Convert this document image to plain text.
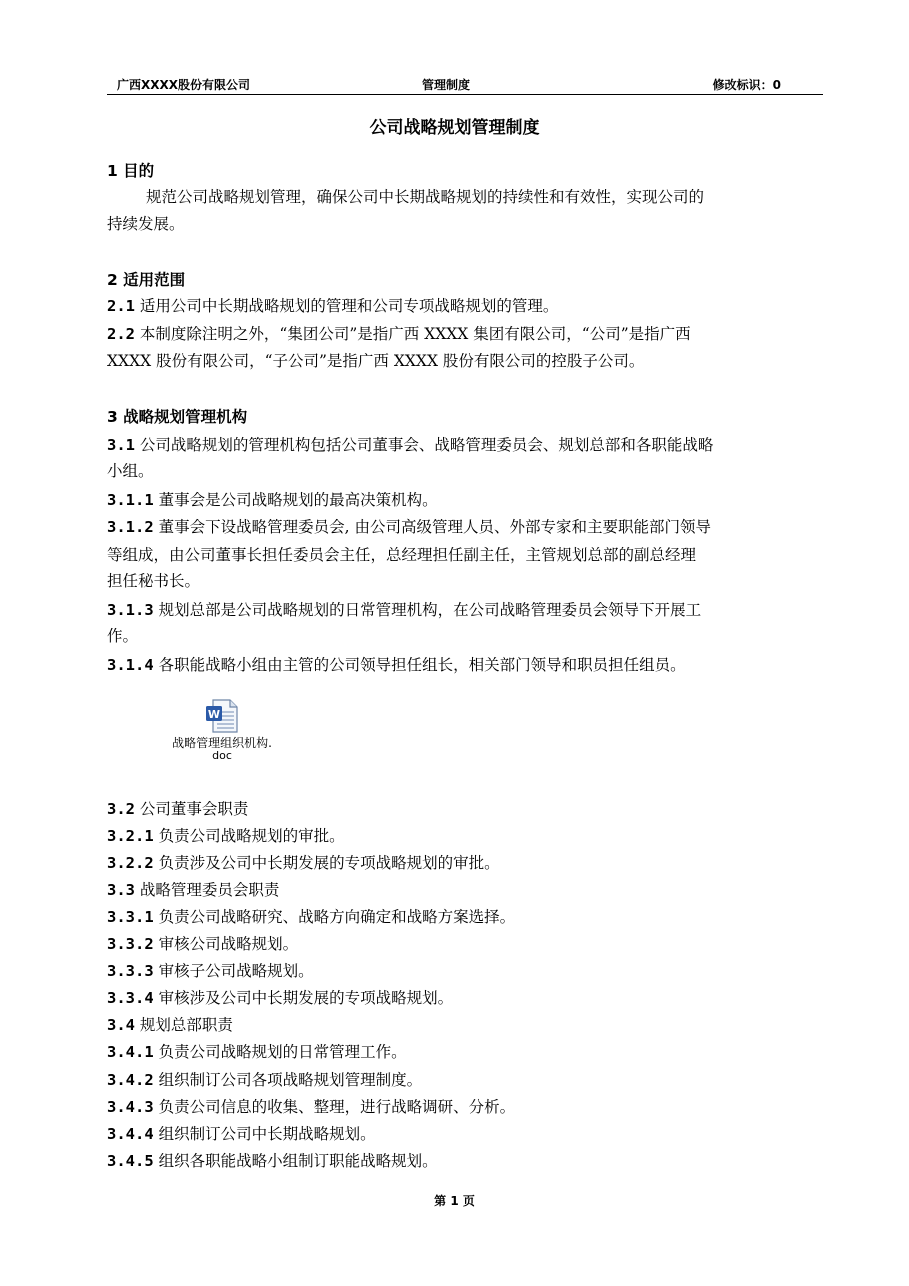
广西XXXX股份有限公司	管理制度	修改标识：0
公司战略规划管理制度
1 目的
规范公司战略规划管理，确保公司中长期战略规划的持续性和有效性，实现公司的
持续发展。
2 适用范围
2.1 适用公司中长期战略规划的管理和公司专项战略规划的管理。
2.2 本制度除注明之外，“集团公司”是指广西 XXXX 集团有限公司，“公司”是指广西
XXXX 股份有限公司，“子公司”是指广西 XXXX 股份有限公司的控股子公司。
3 战略规划管理机构
3.1 公司战略规划的管理机构包括公司董事会、战略管理委员会、规划总部和各职能战略
小组。
3.1.1 董事会是公司战略规划的最高决策机构。
3.1.2 董事会下设战略管理委员会, 由公司高级管理人员、外部专家和主要职能部门领导
等组成，由公司董事长担任委员会主任，总经理担任副主任，主管规划总部的副总经理
担任秘书长。
3.1.3 规划总部是公司战略规划的日常管理机构，在公司战略管理委员会领导下开展工
作。
3.1.4 各职能战略小组由主管的公司领导担任组长，相关部门领导和职员担任组员。
W
战略管理组织机构.
doc
3.2 公司董事会职责
3.2.1 负责公司战略规划的审批。
3.2.2 负责涉及公司中长期发展的专项战略规划的审批。
3.3 战略管理委员会职责
3.3.1 负责公司战略研究、战略方向确定和战略方案选择。
3.3.2 审核公司战略规划。
3.3.3 审核子公司战略规划。
3.3.4 审核涉及公司中长期发展的专项战略规划。
3.4 规划总部职责
3.4.1 负责公司战略规划的日常管理工作。
3.4.2 组织制订公司各项战略规划管理制度。
3.4.3 负责公司信息的收集、整理，进行战略调研、分析。
3.4.4 组织制订公司中长期战略规划。
3.4.5 组织各职能战略小组制订职能战略规划。
第 1 页
